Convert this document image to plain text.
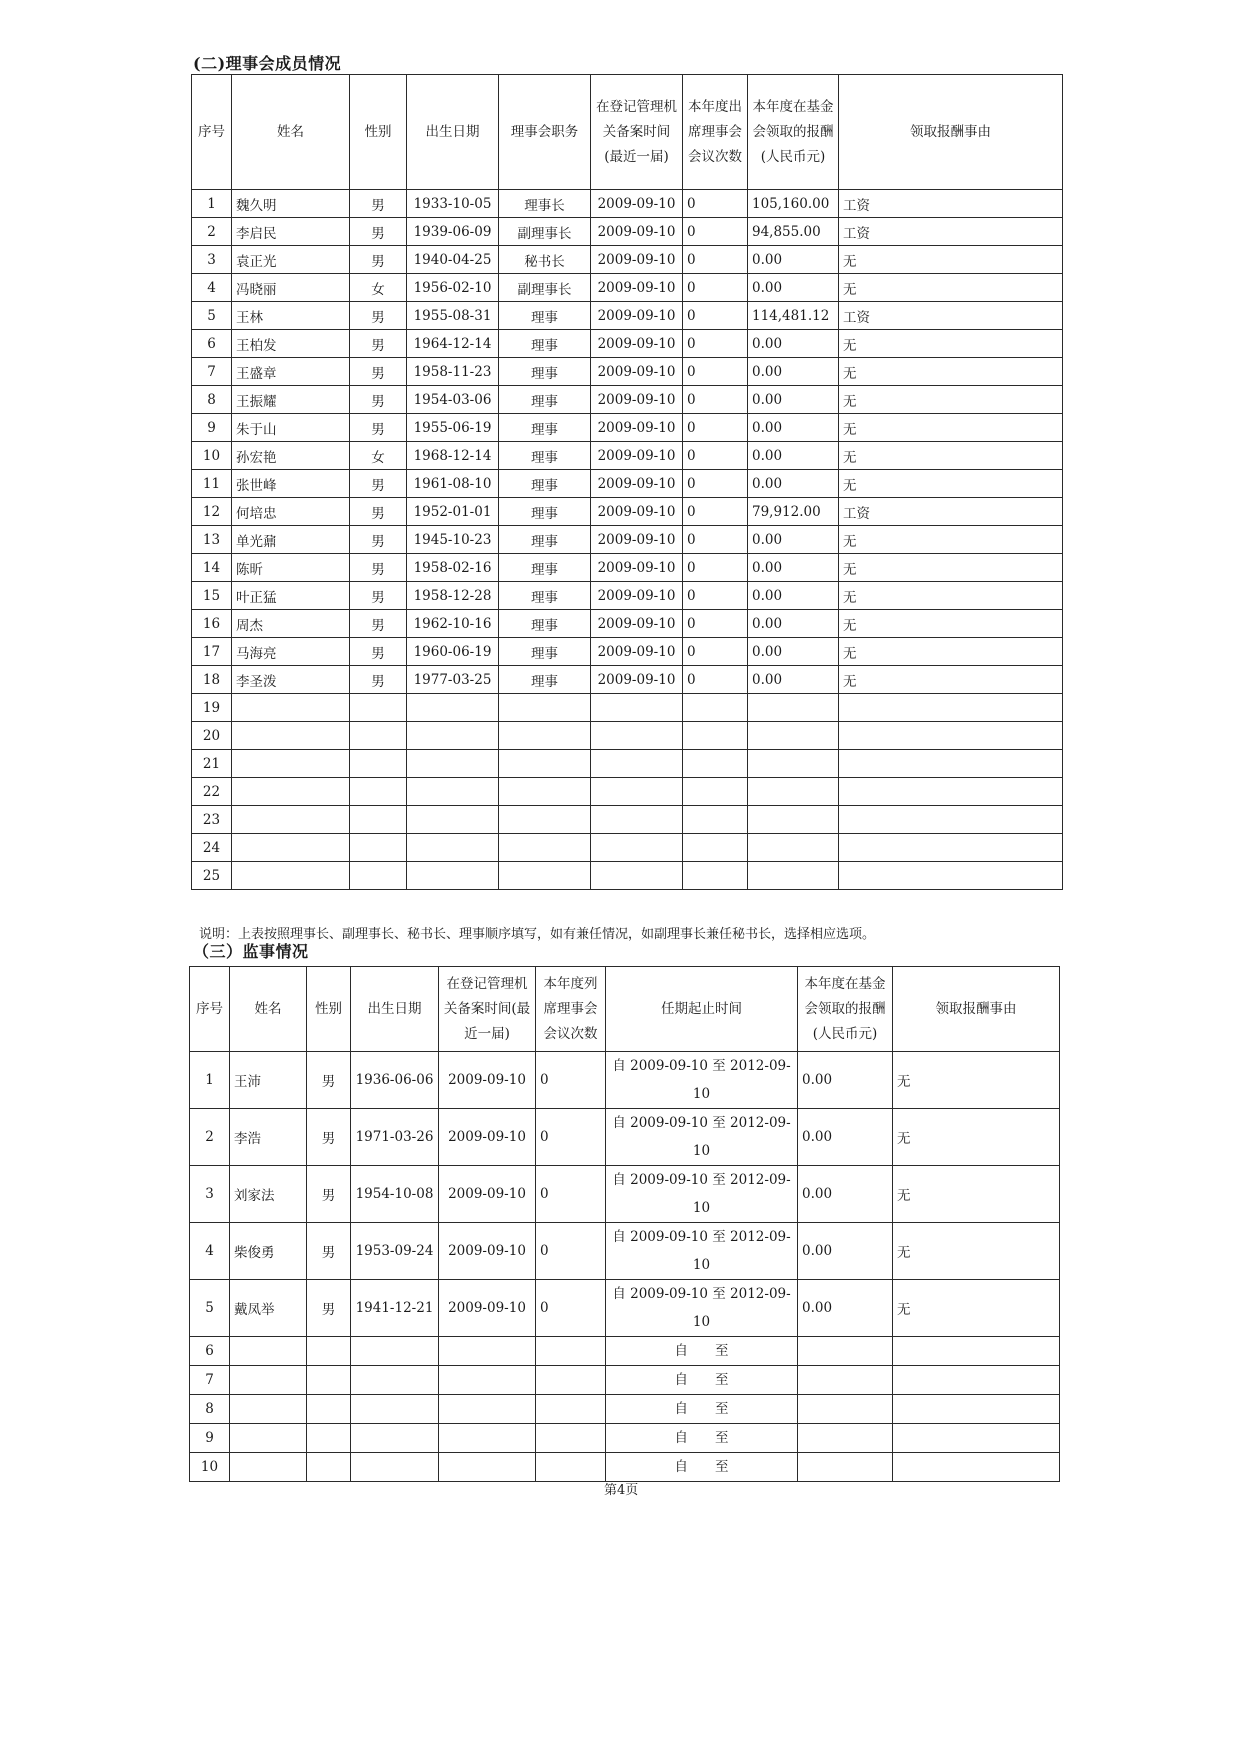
(二)理事会成员情况
序号	姓名	性别	出生日期	理事会职务	在登记管理机关备案时间(最近一届)	本年度出席理事会会议次数	本年度在基金会领取的报酬(人民币元)	领取报酬事由
1	魏久明	男	1933-10-05	理事长	2009-09-10	0	105,160.00	工资
2	李启民	男	1939-06-09	副理事长	2009-09-10	0	94,855.00	工资
3	袁正光	男	1940-04-25	秘书长	2009-09-10	0	0.00	无
4	冯晓丽	女	1956-02-10	副理事长	2009-09-10	0	0.00	无
5	王林	男	1955-08-31	理事	2009-09-10	0	114,481.12	工资
6	王柏发	男	1964-12-14	理事	2009-09-10	0	0.00	无
7	王盛章	男	1958-11-23	理事	2009-09-10	0	0.00	无
8	王振耀	男	1954-03-06	理事	2009-09-10	0	0.00	无
9	朱于山	男	1955-06-19	理事	2009-09-10	0	0.00	无
10	孙宏艳	女	1968-12-14	理事	2009-09-10	0	0.00	无
11	张世峰	男	1961-08-10	理事	2009-09-10	0	0.00	无
12	何培忠	男	1952-01-01	理事	2009-09-10	0	79,912.00	工资
13	单光鼐	男	1945-10-23	理事	2009-09-10	0	0.00	无
14	陈昕	男	1958-02-16	理事	2009-09-10	0	0.00	无
15	叶正猛	男	1958-12-28	理事	2009-09-10	0	0.00	无
16	周杰	男	1962-10-16	理事	2009-09-10	0	0.00	无
17	马海亮	男	1960-06-19	理事	2009-09-10	0	0.00	无
18	李圣泼	男	1977-03-25	理事	2009-09-10	0	0.00	无
19								
20								
21								
22								
23								
24								
25								
说明：上表按照理事长、副理事长、秘书长、理事顺序填写，如有兼任情况，如副理事长兼任秘书长，选择相应选项。
（三）监事情况
序号	姓名	性别	出生日期	在登记管理机关备案时间(最近一届)	本年度列席理事会会议次数	任期起止时间	本年度在基金会领取的报酬(人民币元)	领取报酬事由
1	王沛	男	1936-06-06	2009-09-10	0	自 2009-09-10 至 2012-09-10	0.00	无
2	李浩	男	1971-03-26	2009-09-10	0	自 2009-09-10 至 2012-09-10	0.00	无
3	刘家法	男	1954-10-08	2009-09-10	0	自 2009-09-10 至 2012-09-10	0.00	无
4	柴俊勇	男	1953-09-24	2009-09-10	0	自 2009-09-10 至 2012-09-10	0.00	无
5	戴凤举	男	1941-12-21	2009-09-10	0	自 2009-09-10 至 2012-09-10	0.00	无
6						自　　至		
7						自　　至		
8						自　　至		
9						自　　至		
10						自　　至		
第4页
